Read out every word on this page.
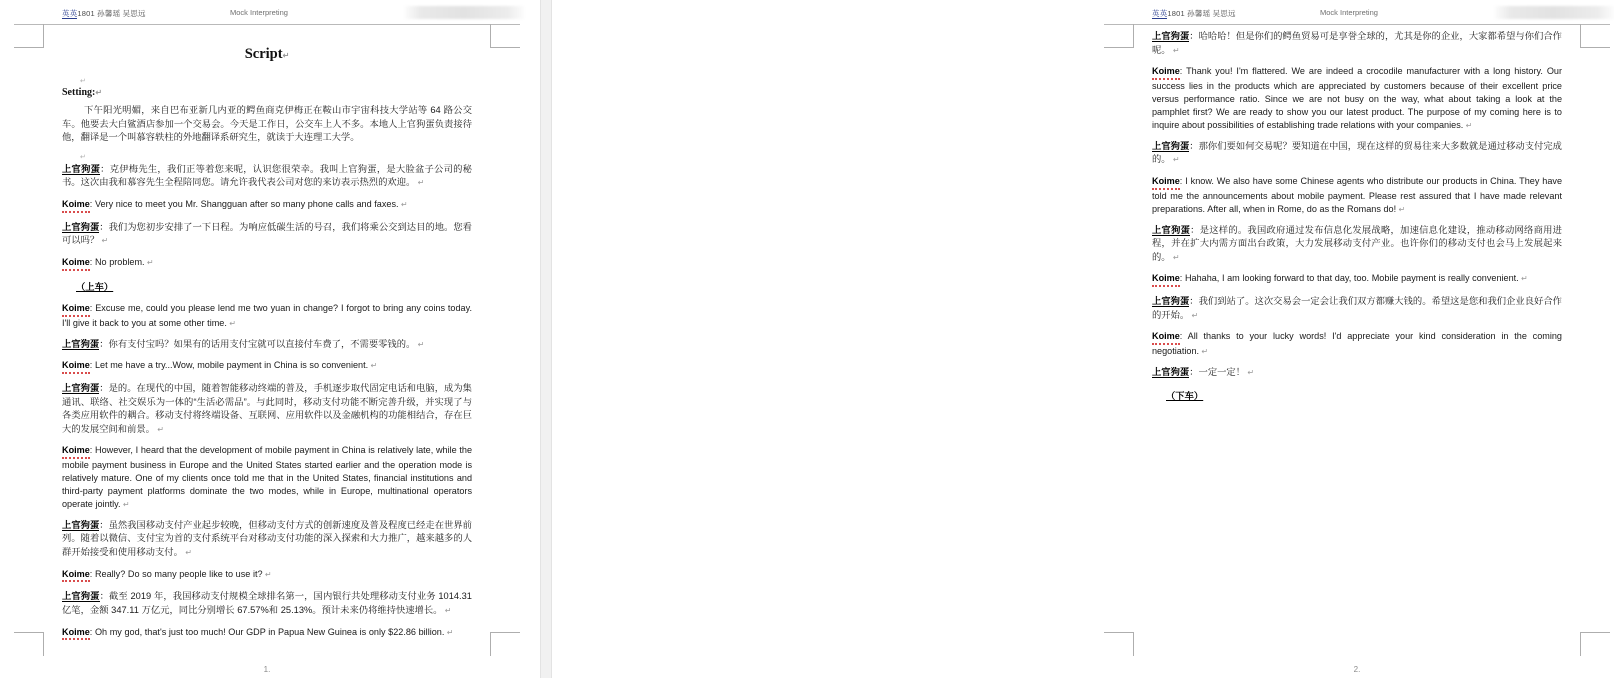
英英1801 孙馨瑶 吴思远	Mock Interpreting
Script↵
↵
Setting:↵

下午阳光明媚，来自巴布亚新几内亚的鳄鱼商克伊梅正在鞍山市宇宙科技大学站等 64 路公交车。他要去大白鲨酒店参加一个交易会。今天是工作日，公交车上人不多。本地人上官狗蛋负责接待他，翻译是一个叫慕容轶柱的外地翻译系研究生，就读于大连理工大学。

↵

上官狗蛋：克伊梅先生，我们正等着您来呢，认识您很荣幸。我叫上官狗蛋，是大脸盆子公司的秘书。这次由我和慕容先生全程陪同您。请允许我代表公司对您的来访表示热烈的欢迎。 ↵

Koime: Very nice to meet you Mr. Shangguan after so many phone calls and faxes. ↵

上官狗蛋：我们为您初步安排了一下日程。为响应低碳生活的号召，我们将乘公交到达目的地。您看可以吗？ ↵

Koime: No problem. ↵

（上车）

Koime: Excuse me, could you please lend me two yuan in change? I forgot to bring any coins today. I'll give it back to you at some other time. ↵

上官狗蛋：你有支付宝吗？如果有的话用支付宝就可以直接付车费了，不需要零钱的。 ↵

Koime: Let me have a try...Wow, mobile payment in China is so convenient. ↵

上官狗蛋：是的。在现代的中国，随着智能移动终端的普及，手机逐步取代固定电话和电脑，成为集通讯、联络、社交娱乐为一体的“生活必需品”。与此同时，移动支付功能不断完善升级，并实现了与各类应用软件的耦合。移动支付将终端设备、互联网、应用软件以及金融机构的功能相结合，存在巨大的发展空间和前景。 ↵

Koime: However, I heard that the development of mobile payment in China is relatively late, while the mobile payment business in Europe and the United States started earlier and the operation mode is relatively mature. One of my clients once told me that in the United States, financial institutions and third-party payment platforms dominate the two modes, while in Europe, multinational operators operate jointly. ↵

上官狗蛋：虽然我国移动支付产业起步较晚，但移动支付方式的创新速度及普及程度已经走在世界前列。随着以微信、支付宝为首的支付系统平台对移动支付功能的深入探索和大力推广，越来越多的人群开始接受和使用移动支付。 ↵

Koime: Really? Do so many people like to use it? ↵

上官狗蛋：截至 2019 年，我国移动支付规模全球排名第一，国内银行共处理移动支付业务 1014.31 亿笔，金额 347.11 万亿元，同比分别增长 67.57%和 25.13%。预计未来仍将维持快速增长。 ↵

Koime: Oh my god, that's just too much! Our GDP in Papua New Guinea is only $22.86 billion. ↵

1.
英英1801 孙馨瑶 吴思远	Mock Interpreting

上官狗蛋：哈哈哈！但是你们的鳄鱼贸易可是享誉全球的，尤其是你的企业，大家都希望与你们合作呢。 ↵

Koime: Thank you! I'm flattered. We are indeed a crocodile manufacturer with a long history. Our success lies in the products which are appreciated by customers because of their excellent price versus performance ratio. Since we are not busy on the way, what about taking a look at the pamphlet first? We are ready to show you our latest product. The purpose of my coming here is to inquire about possibilities of establishing trade relations with your companies. ↵

上官狗蛋：那你们要如何交易呢？要知道在中国，现在这样的贸易往来大多数就是通过移动支付完成的。 ↵

Koime: I know. We also have some Chinese agents who distribute our products in China. They have told me the announcements about mobile payment. Please rest assured that I have made relevant preparations. After all, when in Rome, do as the Romans do! ↵

上官狗蛋：是这样的。我国政府通过发布信息化发展战略，加速信息化建设，推动移动网络商用进程，并在扩大内需方面出台政策，大力发展移动支付产业。也许你们的移动支付也会马上发展起来的。 ↵

Koime: Hahaha, I am looking forward to that day, too. Mobile payment is really convenient. ↵

上官狗蛋：我们到站了。这次交易会一定会让我们双方都赚大钱的。希望这是您和我们企业良好合作的开始。 ↵

Koime: All thanks to your lucky words! I'd appreciate your kind consideration in the coming negotiation. ↵

上官狗蛋：一定一定！ ↵

（下车）
2.
